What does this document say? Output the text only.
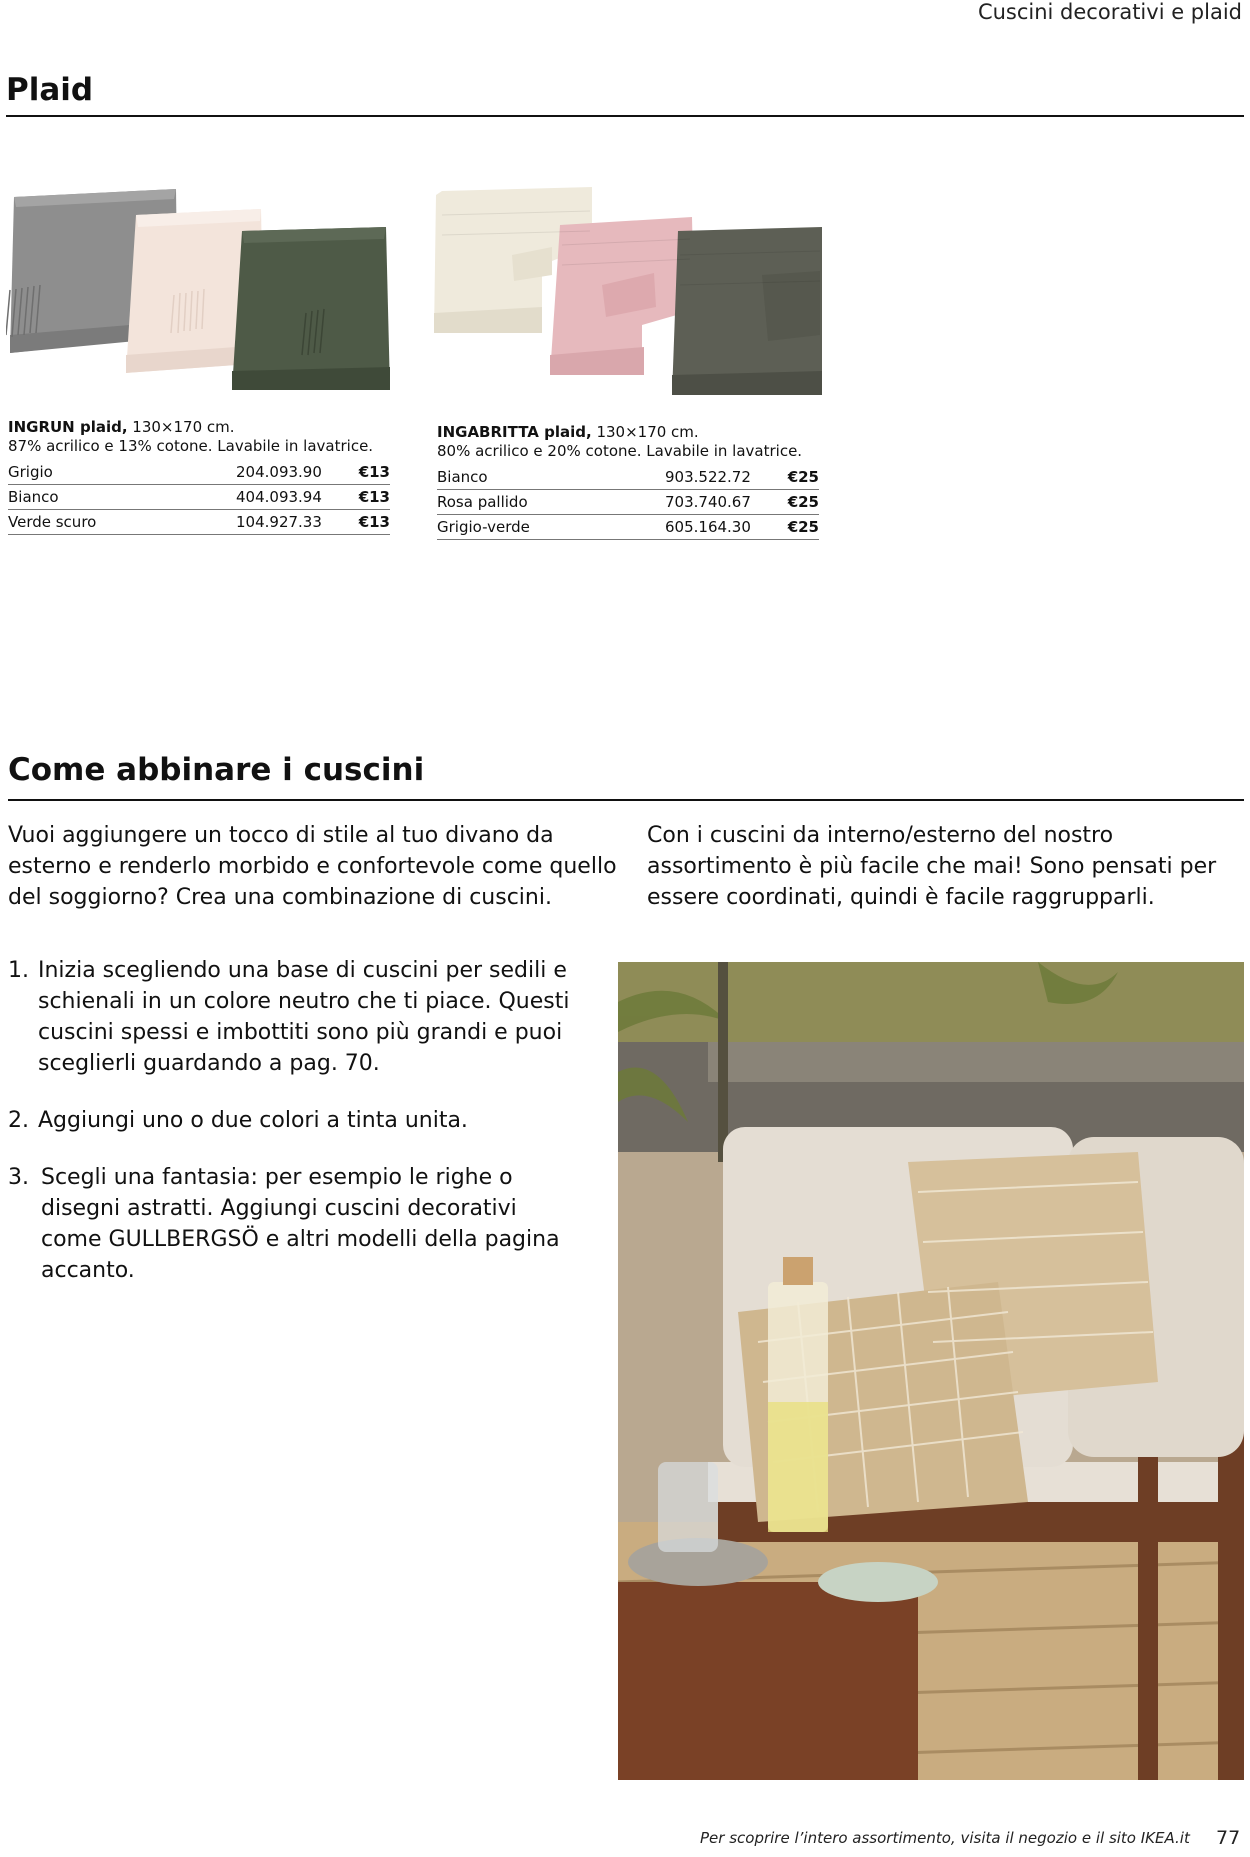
Cuscini decorativi e plaid
Plaid
INGRUN plaid, 130×170 cm.
87% acrilico e 13% cotone. Lavabile in lavatrice.
Grigio	204.093.90	€13
Bianco	404.093.94	€13
Verde scuro	104.927.33	€13
INGABRITTA plaid, 130×170 cm.
80% acrilico e 20% cotone. Lavabile in lavatrice.
Bianco	903.522.72	€25
Rosa pallido	703.740.67	€25
Grigio-verde	605.164.30	€25
Come abbinare i cuscini
Vuoi aggiungere un tocco di stile al tuo divano da esterno e renderlo morbido e confortevole come quello del soggiorno? Crea una combinazione di cuscini.
Con i cuscini da interno/esterno del nostro assortimento è più facile che mai! Sono pensati per essere coordinati, quindi è facile raggrupparli.
1. Inizia scegliendo una base di cuscini per sedili e schienali in un colore neutro che ti piace. Questi cuscini spessi e imbottiti sono più grandi e puoi sceglierli guardando a pag. 70.
2. Aggiungi uno o due colori a tinta unita.
3. Scegli una fantasia: per esempio le righe o disegni astratti. Aggiungi cuscini decorativi come GULLBERGSÖ e altri modelli della pagina accanto.
Per scoprire l’intero assortimento, visita il negozio e il sito IKEA.it 77
